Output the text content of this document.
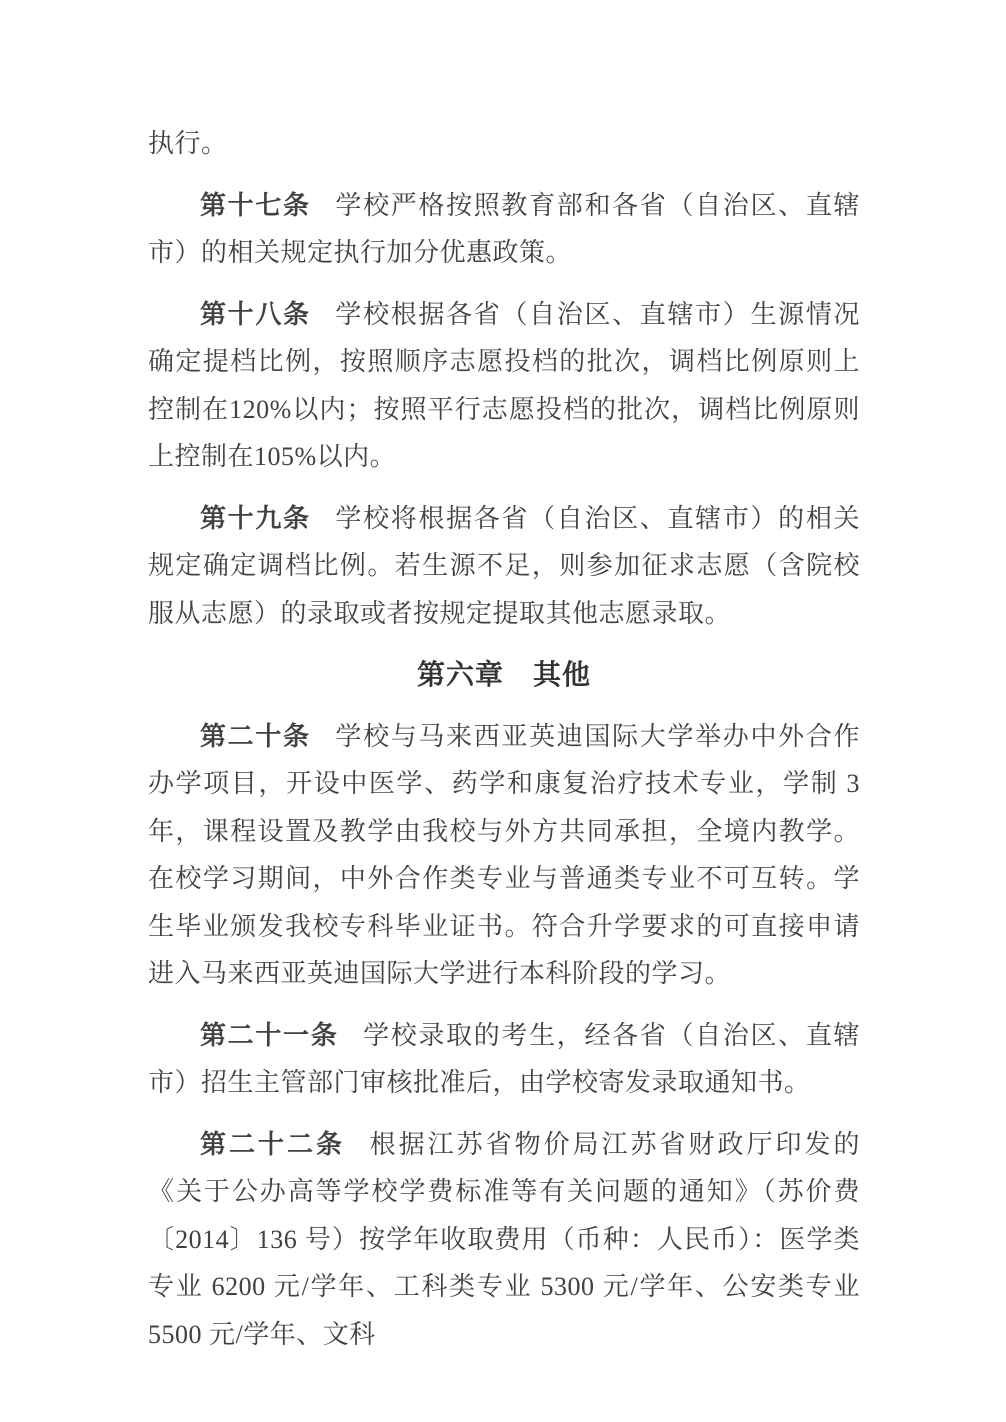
执行。

第十七条 学校严格按照教育部和各省（自治区、直辖市）的相关规定执行加分优惠政策。

第十八条 学校根据各省（自治区、直辖市）生源情况确定提档比例，按照顺序志愿投档的批次，调档比例原则上控制在120%以内；按照平行志愿投档的批次，调档比例原则上控制在105%以内。

第十九条 学校将根据各省（自治区、直辖市）的相关规定确定调档比例。若生源不足，则参加征求志愿（含院校服从志愿）的录取或者按规定提取其他志愿录取。

第六章　其他

第二十条 学校与马来西亚英迪国际大学举办中外合作办学项目，开设中医学、药学和康复治疗技术专业，学制 3 年，课程设置及教学由我校与外方共同承担，全境内教学。在校学习期间，中外合作类专业与普通类专业不可互转。学生毕业颁发我校专科毕业证书。符合升学要求的可直接申请进入马来西亚英迪国际大学进行本科阶段的学习。

第二十一条 学校录取的考生，经各省（自治区、直辖市）招生主管部门审核批准后，由学校寄发录取通知书。

第二十二条 根据江苏省物价局江苏省财政厅印发的《关于公办高等学校学费标准等有关问题的通知》（苏价费〔2014〕136 号）按学年收取费用（币种：人民币）：医学类专业 6200 元/学年、工科类专业 5300 元/学年、公安类专业 5500 元/学年、文科
